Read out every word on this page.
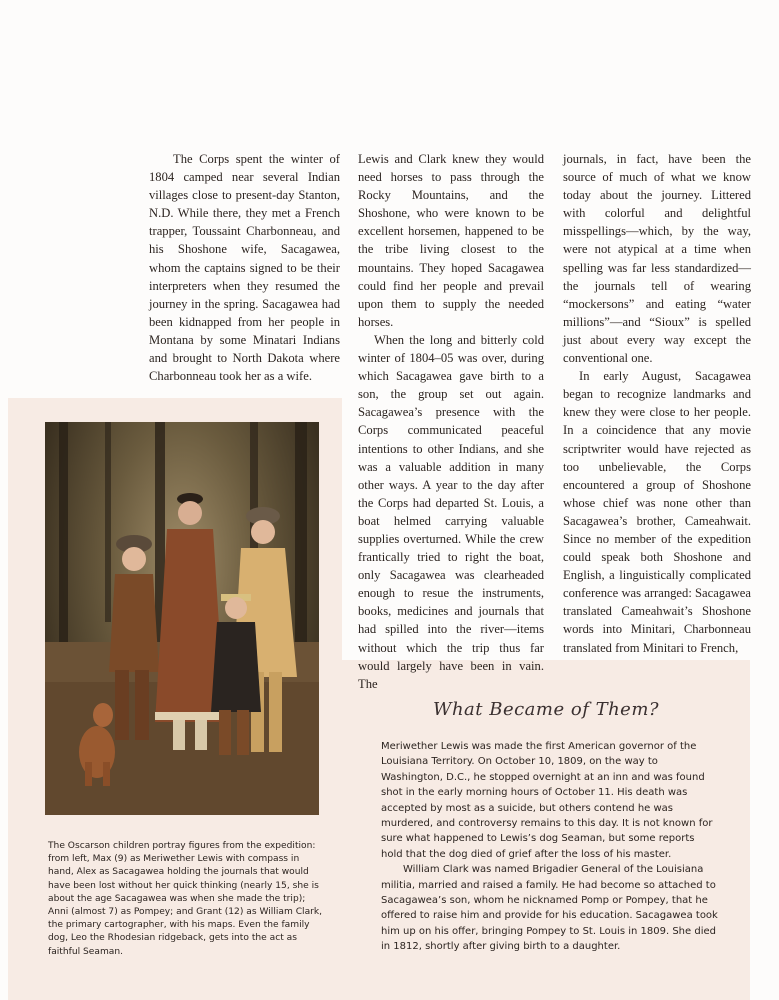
The Corps spent the winter of 1804 camped near several Indian villages close to present-day Stanton, N.D. While there, they met a French trapper, Toussaint Charbonneau, and his Shoshone wife, Sacagawea, whom the captains signed to be their interpreters when they resumed the journey in the spring. Sacagawea had been kidnapped from her people in Montana by some Minatari Indians and brought to North Dakota where Charbonneau took her as a wife.

Lewis and Clark knew they would need horses to pass through the Rocky Mountains, and the Shoshone, who were known to be excellent horsemen, happened to be the tribe living closest to the mountains. They hoped Sacagawea could find her people and prevail upon them to supply the needed horses.

When the long and bitterly cold winter of 1804–05 was over, during which Sacagawea gave birth to a son, the group set out again. Sacagawea’s presence with the Corps communicated peaceful intentions to other Indians, and she was a valuable addition in many other ways. A year to the day after the Corps had departed St. Louis, a boat helmed carrying valuable supplies overturned. While the crew frantically tried to right the boat, only Sacagawea was clearheaded enough to resue the instruments, books, medicines and journals that had spilled into the river—items without which the trip thus far would largely have been in vain. The

journals, in fact, have been the source of much of what we know today about the journey. Littered with colorful and delightful misspellings—which, by the way, were not atypical at a time when spelling was far less standardized—the journals tell of wearing “mockersons” and eating “water millions”—and “Sioux” is spelled just about every way except the conventional one.

In early August, Sacagawea began to recognize landmarks and knew they were close to her people. In a coincidence that any movie scriptwriter would have rejected as too unbelievable, the Corps encountered a group of Shoshone whose chief was none other than Sacagawea’s brother, Cameahwait. Since no member of the expedition could speak both Shoshone and English, a linguistically complicated conference was arranged: Sacagawea translated Cameahwait’s Shoshone words into Minitari, Charbonneau translated from Minitari to French,

The Oscarson children portray figures from the expedition: from left, Max (9) as Meriwether Lewis with compass in hand, Alex as Sacagawea holding the journals that would have been lost without her quick thinking (nearly 15, she is about the age Sacagawea was when she made the trip); Anni (almost 7) as Pompey; and Grant (12) as William Clark, the primary cartographer, with his maps. Even the family dog, Leo the Rhodesian ridgeback, gets into the act as faithful Seaman.

What Became of Them?

Meriwether Lewis was made the first American governor of the Louisiana Territory. On October 10, 1809, on the way to Washington, D.C., he stopped overnight at an inn and was found shot in the early morning hours of October 11. His death was accepted by most as a suicide, but others contend he was murdered, and controversy remains to this day. It is not known for sure what happened to Lewis’s dog Seaman, but some reports hold that the dog died of grief after the loss of his master.

William Clark was named Brigadier General of the Louisiana militia, married and raised a family. He had become so attached to Sacagawea’s son, whom he nicknamed Pomp or Pompey, that he offered to raise him and provide for his education. Sacagawea took him up on his offer, bringing Pompey to St. Louis in 1809. She died in 1812, shortly after giving birth to a daughter.
